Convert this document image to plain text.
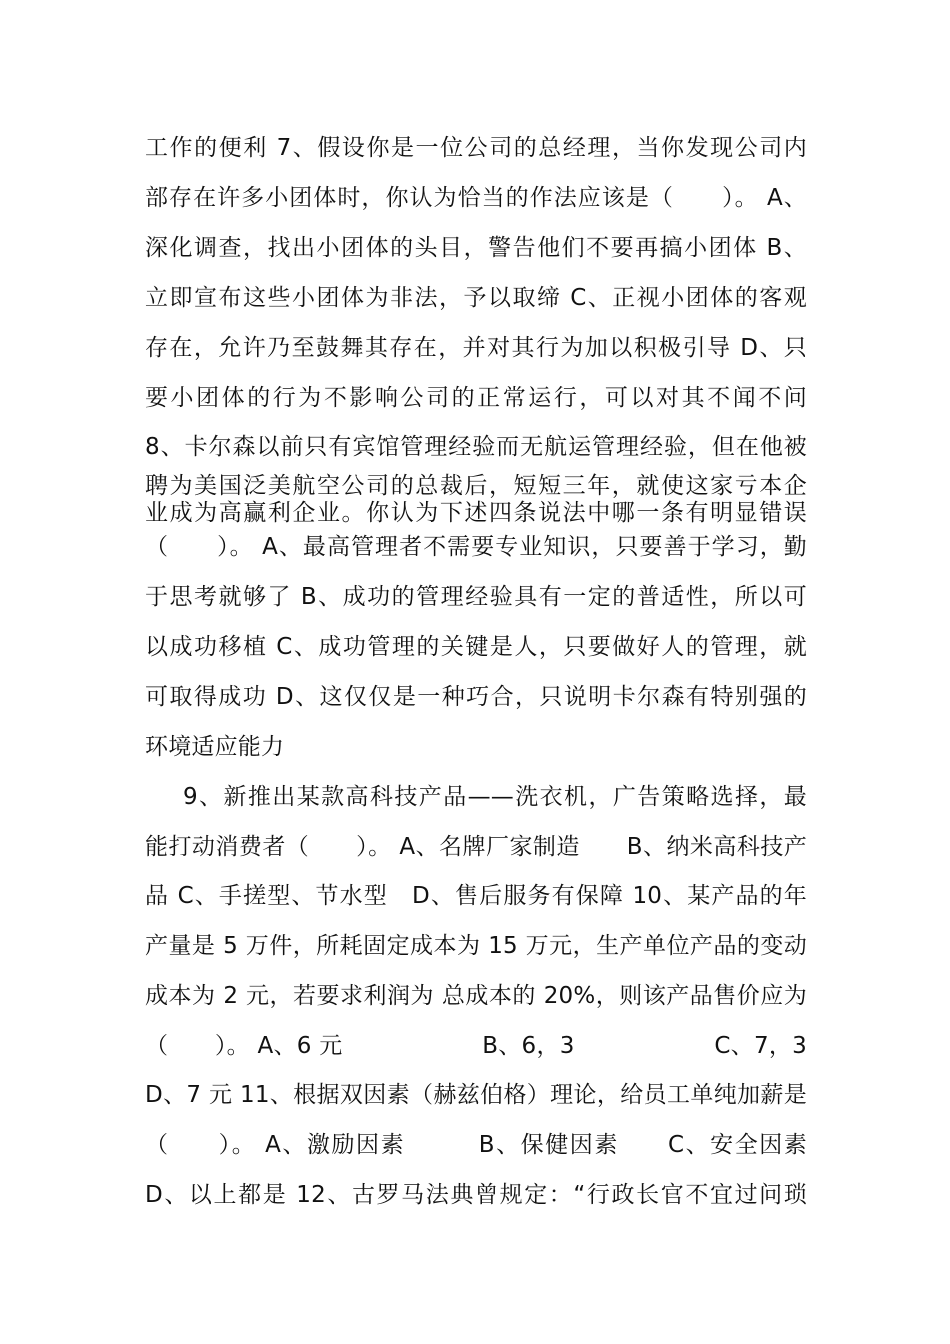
工作的便利 7、假设你是一位公司的总经理，当你发现公司内
部存在许多小团体时，你认为恰当的作法应该是（　　）。 A、
深化调查，找出小团体的头目，警告他们不要再搞小团体 B、
立即宣布这些小团体为非法，予以取缔 C、正视小团体的客观
存在，允许乃至鼓舞其存在，并对其行为加以积极引导 D、只
要小团体的行为不影响公司的正常运行，可以对其不闻不问
8、卡尔森以前只有宾馆管理经验而无航运管理经验，但在他被
聘为美国泛美航空公司的总裁后，短短三年，就使这家亏本企
业成为高赢利企业。你认为下述四条说法中哪一条有明显错误
（　　）。 A、最高管理者不需要专业知识，只要善于学习，勤
于思考就够了 B、成功的管理经验具有一定的普适性，所以可
以成功移植 C、成功管理的关键是人，只要做好人的管理，就
可取得成功 D、这仅仅是一种巧合，只说明卡尔森有特别强的
环境适应能力
9、新推出某款高科技产品——洗衣机，广告策略选择，最
能打动消费者（　　）。 A、名牌厂家制造　　B、纳米高科技产
品 C、手搓型、节水型　D、售后服务有保障 10、某产品的年
产量是 5 万件，所耗固定成本为 15 万元，生产单位产品的变动
成本为 2 元，若要求利润为 总成本的 20%，则该产品售价应为
（　　）。 A、6 元　　　　　　B、6，3　　　　　　C、7，3
D、7 元 11、根据双因素（赫兹伯格）理论，给员工单纯加薪是
（　　）。 A、激励因素　　　B、保健因素　　C、安全因素
D、以上都是 12、古罗马法典曾规定：“行政长官不宜过问琐
